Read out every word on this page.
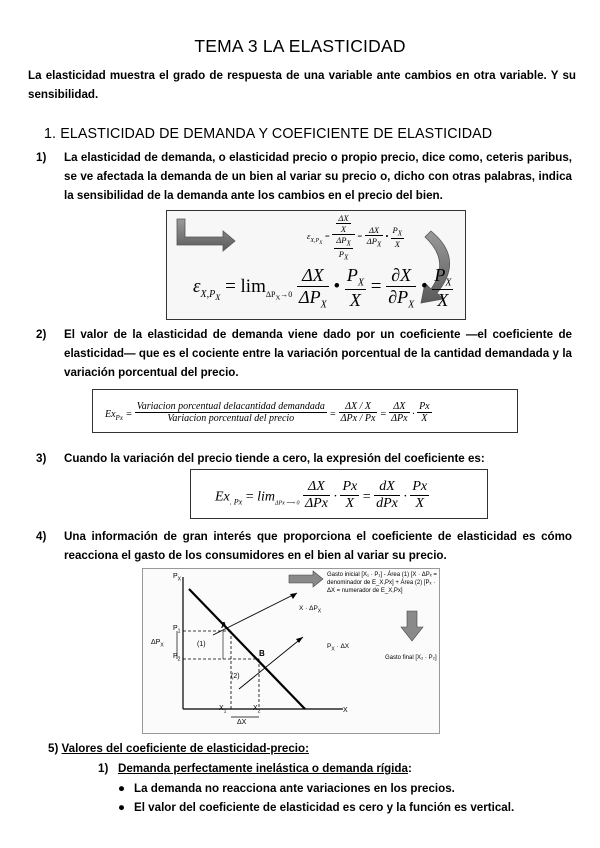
TEMA 3 LA ELASTICIDAD
La elasticidad muestra el grado de respuesta de una variable ante cambios en otra variable. Y su sensibilidad.
1. ELASTICIDAD DE DEMANDA Y COEFICIENTE DE ELASTICIDAD
1) La elasticidad de demanda, o elasticidad precio o propio precio, dice como, ceteris paribus, se ve afectada la demanda de un bien al variar su precio o, dicho con otras palabras, indica la sensibilidad de la demanda ante los cambios en el precio del bien.
$\varepsilon_{X,P_X} = \frac{\frac{\Delta X}{X}}{\frac{\Delta P_X}{P_X}} = \frac{\Delta X}{\Delta P_X}$ • $\frac{P_X}{X}$
$\varepsilon_{X,P_X} = \lim_{\Delta P_X\to 0} \frac{\Delta X}{\Delta P_X}$ • $\frac{P_X}{X} = \frac{\partial X}{\partial P_X}$ • $\frac{P_X}{X}$
2) El valor de la elasticidad de demanda viene dado por un coeficiente —el coeficiente de elasticidad— que es el cociente entre la variación porcentual de la cantidad demandada y la variación porcentual del precio.
$Ex_{Px} = \frac{\text{Variacion porcentual delacantidad demandada}}{\text{Variacion porcentual del precio}} = \frac{\Delta X / X}{\text{ΔPx / Px}} = \frac{\Delta X}{\text{ΔPx}} \cdot \frac{Px}{X}$
3) Cuando la variación del precio tiende a cero, la expresión del coeficiente es:
$Ex_{. Px} = \lim_{\Delta Px ⟶ 0} \frac{\Delta X}{\text{ΔPx}} \cdot \frac{Px}{X} = \frac{dX}{\text{dPx}} \cdot \frac{Px}{X}$
4) Una información de gran interés que proporciona el coeficiente de elasticidad es cómo reacciona el gasto de los consumidores en el bien al variar su precio.
$P_X$
X
$P_1$
$P_2$
$\Delta P_X$
$X_1$	$X_2$
ΔX
A
B
(1)
(2)
$X \cdot \Delta P_X$
$P_X \cdot \Delta X$
Gasto inicial [X₁ · P₁] - Área (1) [X · ΔPₓ = denominador de E_X,Px] + Área (2) [Pₓ · ΔX = numerador de E_X,Px]
Gasto final [X₂ · P₂]
5) Valores del coeficiente de elasticidad-precio:
1) Demanda perfectamente inelástica o demanda rígida:
● La demanda no reacciona ante variaciones en los precios.
● El valor del coeficiente de elasticidad es cero y la función es vertical.
